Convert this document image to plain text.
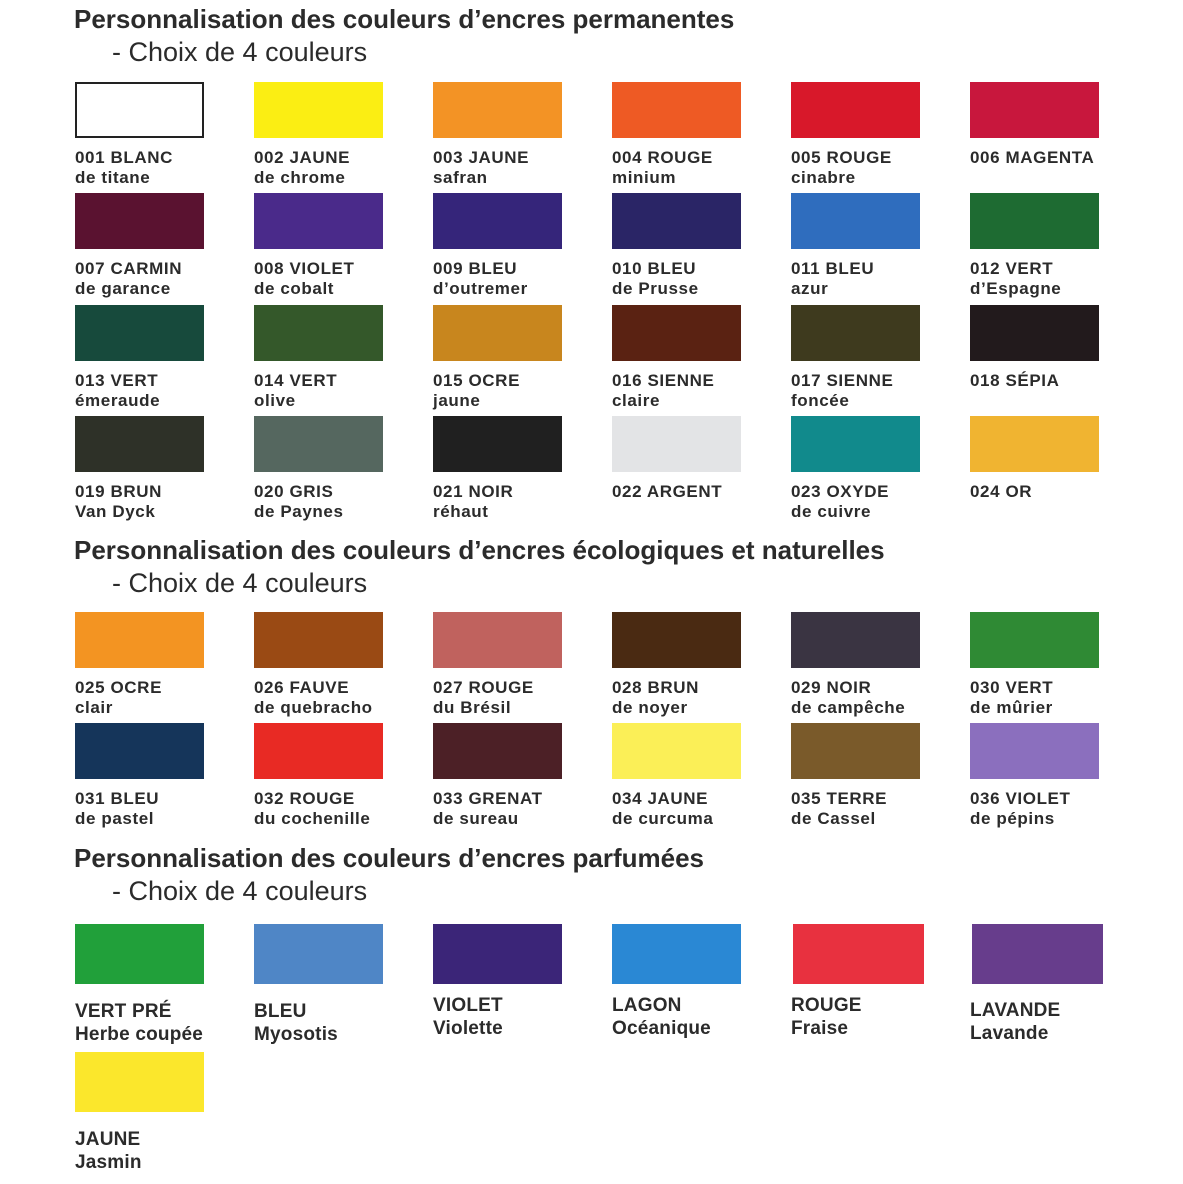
Personnalisation des couleurs d’encres permanentes
- Choix de 4 couleurs
001 BLANC
de titane
002 JAUNE
de chrome
003 JAUNE
safran
004 ROUGE
minium
005 ROUGE
cinabre
006 MAGENTA
007 CARMIN
de garance
008 VIOLET
de cobalt
009 BLEU
d’outremer
010 BLEU
de Prusse
011 BLEU
azur
012 VERT
d’Espagne
013 VERT
émeraude
014 VERT
olive
015 OCRE
jaune
016 SIENNE
claire
017 SIENNE
foncée
018 SÉPIA
019 BRUN
Van Dyck
020 GRIS
de Paynes
021 NOIR
réhaut
022 ARGENT	023 OXYDE
de cuivre
024 OR
Personnalisation des couleurs d’encres écologiques et naturelles
- Choix de 4 couleurs
025 OCRE
clair
026 FAUVE
de quebracho
027 ROUGE
du Brésil
028 BRUN
de noyer
029 NOIR
de campêche
030 VERT
de mûrier
031 BLEU
de pastel
032 ROUGE
du cochenille
033 GRENAT
de sureau
034 JAUNE
de curcuma
035 TERRE
de Cassel
036 VIOLET
de pépins
Personnalisation des couleurs d’encres parfumées
- Choix de 4 couleurs
VERT PRÉ
Herbe coupée
BLEU
Myosotis
VIOLET
Violette
LAGON
Océanique
ROUGE
Fraise
LAVANDE
Lavande
JAUNE
Jasmin
